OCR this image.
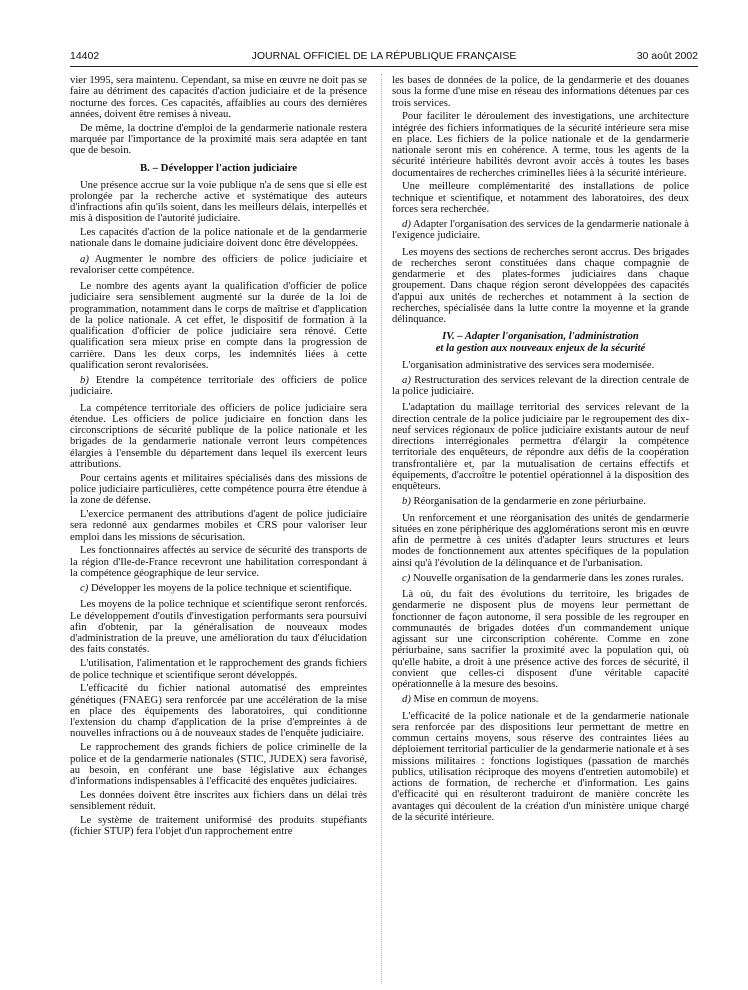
14402	JOURNAL OFFICIEL DE LA RÉPUBLIQUE FRANÇAISE	30 août 2002

vier 1995, sera maintenu. Cependant, sa mise en œuvre ne doit pas se faire au détriment des capacités d'action judiciaire et de la présence nocturne des forces. Ces capacités, affaiblies au cours des dernières années, doivent être remises à niveau.

De même, la doctrine d'emploi de la gendarmerie nationale restera marquée par l'importance de la proximité mais sera adaptée en tant que de besoin.

B. – Développer l'action judiciaire

Une présence accrue sur la voie publique n'a de sens que si elle est prolongée par la recherche active et systématique des auteurs d'infractions afin qu'ils soient, dans les meilleurs délais, interpellés et mis à disposition de l'autorité judiciaire.

Les capacités d'action de la police nationale et de la gendarmerie nationale dans le domaine judiciaire doivent donc être développées.

a) Augmenter le nombre des officiers de police judiciaire et revaloriser cette compétence.

Le nombre des agents ayant la qualification d'officier de police judiciaire sera sensiblement augmenté sur la durée de la loi de programmation, notamment dans le corps de maîtrise et d'application de la police nationale. A cet effet, le dispositif de formation à la qualification d'officier de police judiciaire sera rénové. Cette qualification sera mieux prise en compte dans la progression de carrière. Dans les deux corps, les indemnités liées à cette qualification seront revalorisées.

b) Etendre la compétence territoriale des officiers de police judiciaire.

La compétence territoriale des officiers de police judiciaire sera étendue. Les officiers de police judiciaire en fonction dans les circonscriptions de sécurité publique de la police nationale et les brigades de la gendarmerie nationale verront leurs compétences élargies à l'ensemble du département dans lequel ils exercent leurs attributions.

Pour certains agents et militaires spécialisés dans des missions de police judiciaire particulières, cette compétence pourra être étendue à la zone de défense.

L'exercice permanent des attributions d'agent de police judiciaire sera redonné aux gendarmes mobiles et CRS pour valoriser leur emploi dans les missions de sécurisation.

Les fonctionnaires affectés au service de sécurité des transports de la région d'Ile-de-France recevront une habilitation correspondant à la compétence géographique de leur service.

c) Développer les moyens de la police technique et scientifique.

Les moyens de la police technique et scientifique seront renforcés. Le développement d'outils d'investigation performants sera poursuivi afin d'obtenir, par la généralisation de nouveaux modes d'administration de la preuve, une amélioration du taux d'élucidation des faits constatés.

L'utilisation, l'alimentation et le rapprochement des grands fichiers de police technique et scientifique seront développés.

L'efficacité du fichier national automatisé des empreintes génétiques (FNAEG) sera renforcée par une accélération de la mise en place des équipements des laboratoires, qui conditionne l'extension du champ d'application de la prise d'empreintes à de nouvelles infractions ou à de nouveaux stades de l'enquête judiciaire.

Le rapprochement des grands fichiers de police criminelle de la police et de la gendarmerie nationales (STIC, JUDEX) sera favorisé, au besoin, en conférant une base législative aux échanges d'informations indispensables à l'efficacité des enquêtes judiciaires.

Les données doivent être inscrites aux fichiers dans un délai très sensiblement réduit.

Le système de traitement uniformisé des produits stupéfiants (fichier STUP) fera l'objet d'un rapprochement entre

les bases de données de la police, de la gendarmerie et des douanes sous la forme d'une mise en réseau des informations détenues par ces trois services.

Pour faciliter le déroulement des investigations, une architecture intégrée des fichiers informatiques de la sécurité intérieure sera mise en place. Les fichiers de la police nationale et de la gendarmerie nationale seront mis en cohérence. A terme, tous les agents de la sécurité intérieure habilités devront avoir accès à toutes les bases documentaires de recherches criminelles liées à la sécurité intérieure.

Une meilleure complémentarité des installations de police technique et scientifique, et notamment des laboratoires, des deux forces sera recherchée.

d) Adapter l'organisation des services de la gendarmerie nationale à l'exigence judiciaire.

Les moyens des sections de recherches seront accrus. Des brigades de recherches seront constituées dans chaque compagnie de gendarmerie et des plates-formes judiciaires dans chaque groupement. Dans chaque région seront développées des capacités d'appui aux unités de recherches et notamment à la section de recherches, spécialisée dans la lutte contre la moyenne et la grande délinquance.

IV. – Adapter l'organisation, l'administration
et la gestion aux nouveaux enjeux de la sécurité

L'organisation administrative des services sera modernisée.

a) Restructuration des services relevant de la direction centrale de la police judiciaire.

L'adaptation du maillage territorial des services relevant de la direction centrale de la police judiciaire par le regroupement des dix-neuf services régionaux de police judiciaire existants autour de neuf directions interrégionales permettra d'élargir la compétence territoriale des enquêteurs, de répondre aux défis de la coopération transfrontalière et, par la mutualisation de certains effectifs et équipements, d'accroître le potentiel opérationnel à la disposition des enquêteurs.

b) Réorganisation de la gendarmerie en zone périurbaine.

Un renforcement et une réorganisation des unités de gendarmerie situées en zone périphérique des agglomérations seront mis en œuvre afin de permettre à ces unités d'adapter leurs structures et leurs modes de fonctionnement aux attentes spécifiques de la population ainsi qu'à l'évolution de la délinquance et de l'urbanisation.

c) Nouvelle organisation de la gendarmerie dans les zones rurales.

Là où, du fait des évolutions du territoire, les brigades de gendarmerie ne disposent plus de moyens leur permettant de fonctionner de façon autonome, il sera possible de les regrouper en communautés de brigades dotées d'un commandement unique agissant sur une circonscription cohérente. Comme en zone périurbaine, sans sacrifier la proximité avec la population qui, où qu'elle habite, a droit à une présence active des forces de sécurité, il convient que celles-ci disposent d'une véritable capacité opérationnelle à la mesure des besoins.

d) Mise en commun de moyens.

L'efficacité de la police nationale et de la gendarmerie nationale sera renforcée par des dispositions leur permettant de mettre en commun certains moyens, sous réserve des contraintes liées au déploiement territorial particulier de la gendarmerie nationale et à ses missions militaires : fonctions logistiques (passation de marchés publics, utilisation réciproque des moyens d'entretien automobile) et actions de formation, de recherche et d'information. Les gains d'efficacité qui en résulteront traduiront de manière concrète les avantages qui découlent de la création d'un ministère unique chargé de la sécurité intérieure.
